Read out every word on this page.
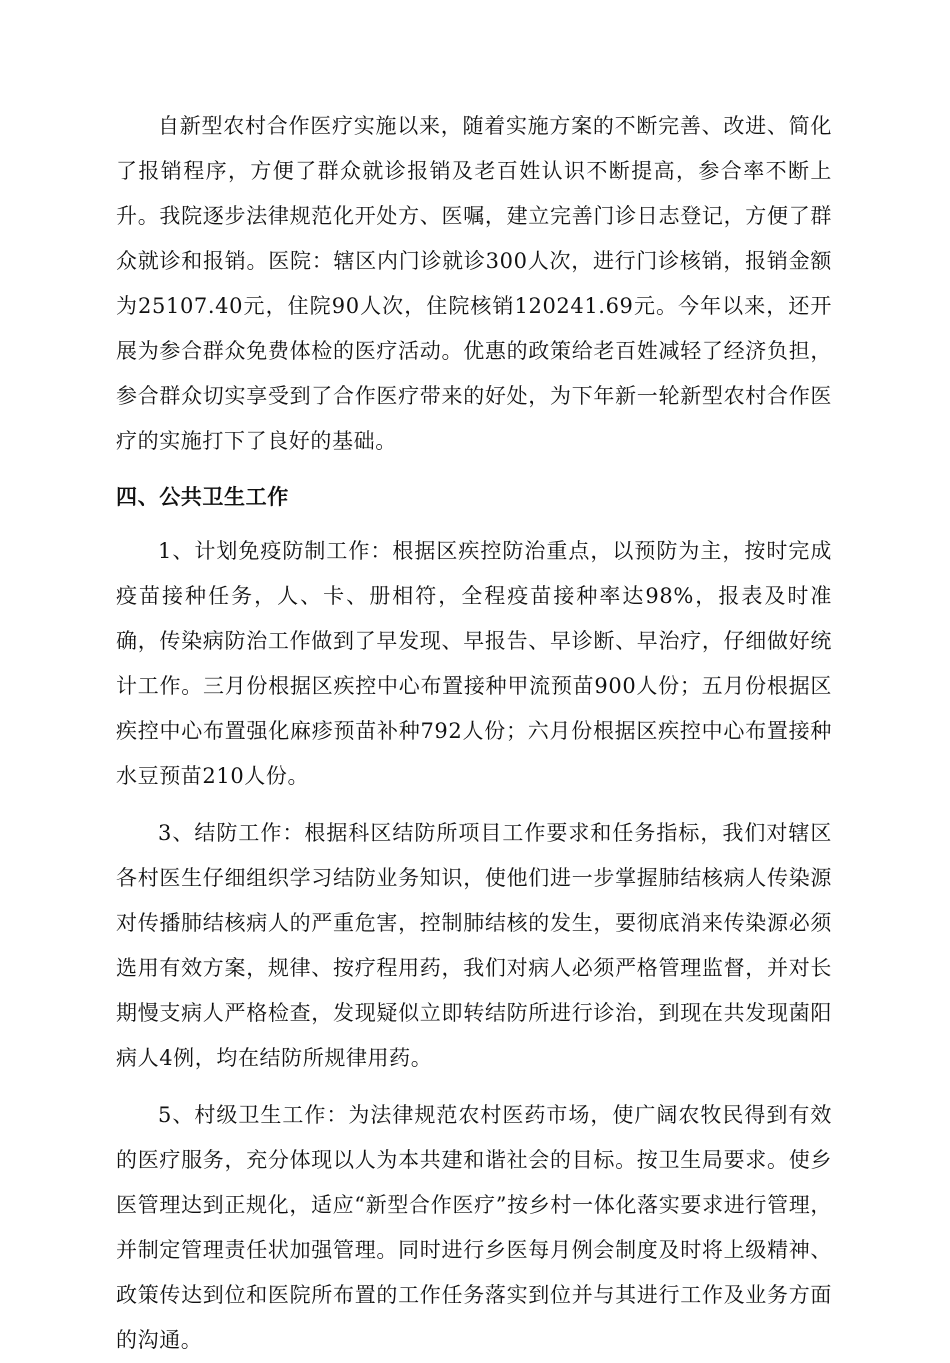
自新型农村合作医疗实施以来，随着实施方案的不断完善、改进、简化了报销程序，方便了群众就诊报销及老百姓认识不断提高，参合率不断上升。我院逐步法律规范化开处方、医嘱，建立完善门诊日志登记，方便了群众就诊和报销。医院：辖区内门诊就诊300人次，进行门诊核销，报销金额为25107.40元，住院90人次，住院核销120241.69元。今年以来，还开展为参合群众免费体检的医疗活动。优惠的政策给老百姓减轻了经济负担，参合群众切实享受到了合作医疗带来的好处，为下年新一轮新型农村合作医疗的实施打下了良好的基础。

四、公共卫生工作

1、计划免疫防制工作：根据区疾控防治重点，以预防为主，按时完成疫苗接种任务，人、卡、册相符，全程疫苗接种率达98%，报表及时准确，传染病防治工作做到了早发现、早报告、早诊断、早治疗，仔细做好统计工作。三月份根据区疾控中心布置接种甲流预苗900人份；五月份根据区疾控中心布置强化麻疹预苗补种792人份；六月份根据区疾控中心布置接种水豆预苗210人份。

3、结防工作：根据科区结防所项目工作要求和任务指标，我们对辖区各村医生仔细组织学习结防业务知识，使他们进一步掌握肺结核病人传染源对传播肺结核病人的严重危害，控制肺结核的发生，要彻底消来传染源必须选用有效方案，规律、按疗程用药，我们对病人必须严格管理监督，并对长期慢支病人严格检查，发现疑似立即转结防所进行诊治，到现在共发现菌阳病人4例，均在结防所规律用药。

5、村级卫生工作：为法律规范农村医药市场，使广阔农牧民得到有效的医疗服务，充分体现以人为本共建和谐社会的目标。按卫生局要求。使乡医管理达到正规化，适应“新型合作医疗”按乡村一体化落实要求进行管理，并制定管理责任状加强管理。同时进行乡医每月例会制度及时将上级精神、政策传达到位和医院所布置的工作任务落实到位并与其进行工作及业务方面的沟通。
